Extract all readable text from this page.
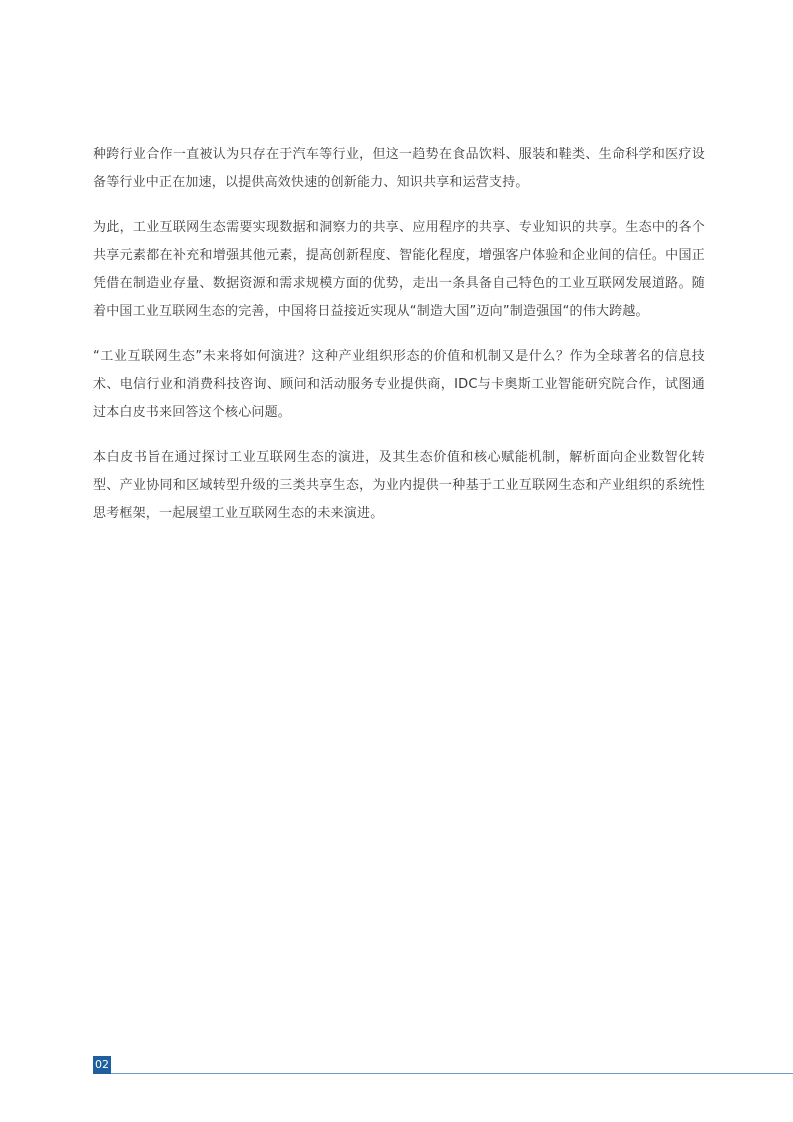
种跨行业合作一直被认为只存在于汽车等行业，但这一趋势在食品饮料、服装和鞋类、生命科学和医疗设备等行业中正在加速，以提供高效快速的创新能力、知识共享和运营支持。

为此，工业互联网生态需要实现数据和洞察力的共享、应用程序的共享、专业知识的共享。生态中的各个共享元素都在补充和增强其他元素，提高创新程度、智能化程度，增强客户体验和企业间的信任。中国正凭借在制造业存量、数据资源和需求规模方面的优势，走出一条具备自己特色的工业互联网发展道路。随着中国工业互联网生态的完善，中国将日益接近实现从“制造大国”迈向”制造强国“的伟大跨越。

“工业互联网生态”未来将如何演进？这种产业组织形态的价值和机制又是什么？作为全球著名的信息技术、电信行业和消费科技咨询、顾问和活动服务专业提供商，IDC与卡奥斯工业智能研究院合作，试图通过本白皮书来回答这个核心问题。

本白皮书旨在通过探讨工业互联网生态的演进，及其生态价值和核心赋能机制，解析面向企业数智化转型、产业协同和区域转型升级的三类共享生态，为业内提供一种基于工业互联网生态和产业组织的系统性思考框架，一起展望工业互联网生态的未来演进。

02
